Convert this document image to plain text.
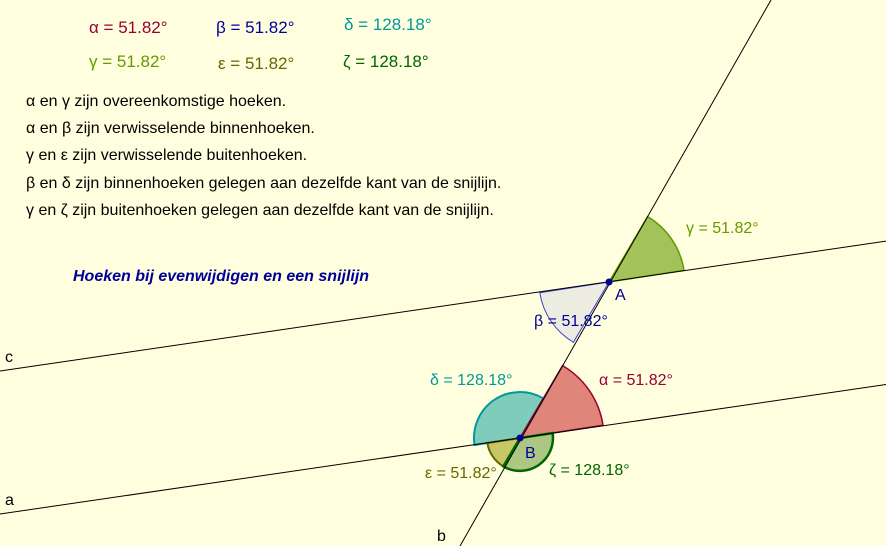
α = 51.82°	β = 51.82°	δ = 128.18°
γ = 51.82°	ε = 51.82°	ζ = 128.18°
α en γ zijn overeenkomstige hoeken.
α en β zijn verwisselende binnenhoeken.
γ en ε zijn verwisselende buitenhoeken.
β en δ zijn binnenhoeken gelegen aan dezelfde kant van de snijlijn.
γ en ζ zijn buitenhoeken gelegen aan dezelfde kant van de snijlijn.
Hoeken bij evenwijdigen en een snijlijn
c
a
b
A
B
γ = 51.82°
β = 51.82°
δ = 128.18°	α = 51.82°
ε = 51.82°	ζ = 128.18°
